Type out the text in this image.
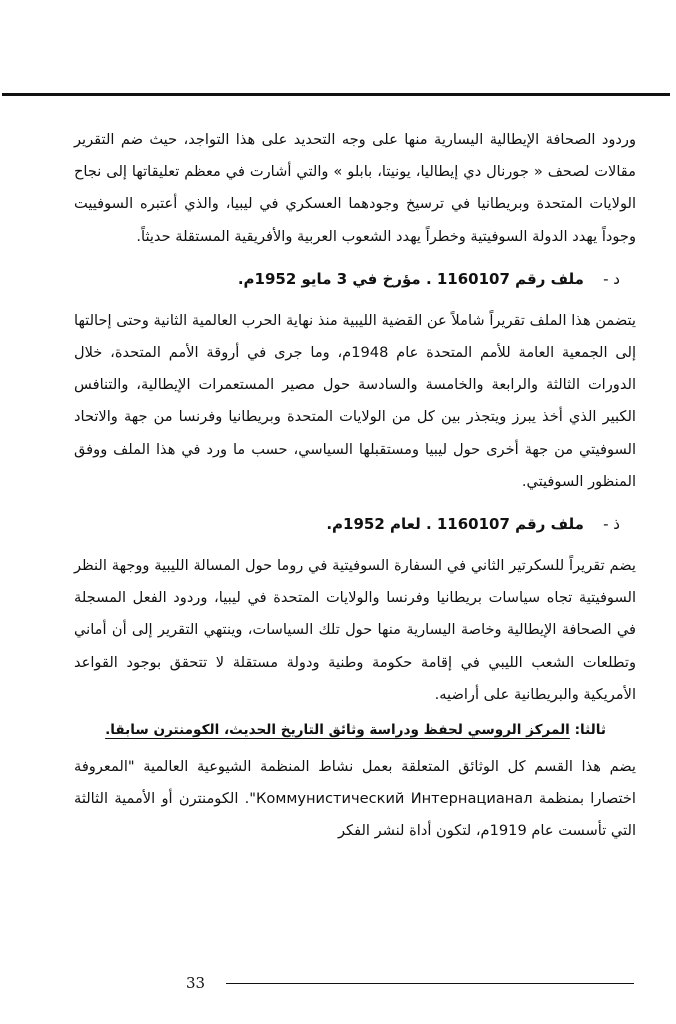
وردود الصحافة الإيطالية اليسارية منها على وجه التحديد على هذا التواجد، حيث ضم التقرير مقالات لصحف « جورنال دي إيطاليا، يونيتا، بابلو » والتي أشارت في معظم تعليقاتها إلى نجاح الولايات المتحدة وبريطانيا في ترسيخ وجودهما العسكري في ليبيا، والذي أعتبره السوفييت وجوداً يهدد الدولة السوفيتية وخطراً يهدد الشعوب العربية والأفريقية المستقلة حديثاً.

د - ملف رقم 1160107 . مؤرخ في 3 مايو 1952م.

يتضمن هذا الملف تقريراً شاملاً عن القضية الليبية منذ نهاية الحرب العالمية الثانية وحتى إحالتها إلى الجمعية العامة للأمم المتحدة عام 1948م، وما جرى في أروقة الأمم المتحدة، خلال الدورات الثالثة والرابعة والخامسة والسادسة حول مصير المستعمرات الإيطالية، والتنافس الكبير الذي أخذ يبرز ويتجذر بين كل من الولايات المتحدة وبريطانيا وفرنسا من جهة والاتحاد السوفيتي من جهة أخرى حول ليبيا ومستقبلها السياسي، حسب ما ورد في هذا الملف ووفق المنظور السوفيتي.

ذ - ملف رقم 1160107 . لعام 1952م.

يضم تقريراً للسكرتير الثاني في السفارة السوفيتية في روما حول المسالة الليبية ووجهة النظر السوفيتية تجاه سياسات بريطانيا وفرنسا والولايات المتحدة في ليبيا، وردود الفعل المسجلة في الصحافة الإيطالية وخاصة اليسارية منها حول تلك السياسات، وينتهي التقرير إلى أن أماني وتطلعات الشعب الليبي في إقامة حكومة وطنية ودولة مستقلة لا تتحقق بوجود القواعد الأمريكية والبريطانية على أراضيه.

ثالثا: المركز الروسي لحفظ ودراسة وثائق التاريخ الحديث، الكومنترن سابقا.

يضم هذا القسم كل الوثائق المتعلقة بعمل نشاط المنظمة الشيوعية العالمية "المعروفة اختصارا بمنظمة Коммунистический Интернацианал". الكومنترن أو الأممية الثالثة التي تأسست عام 1919م، لتكون أداة لنشر الفكر

33
